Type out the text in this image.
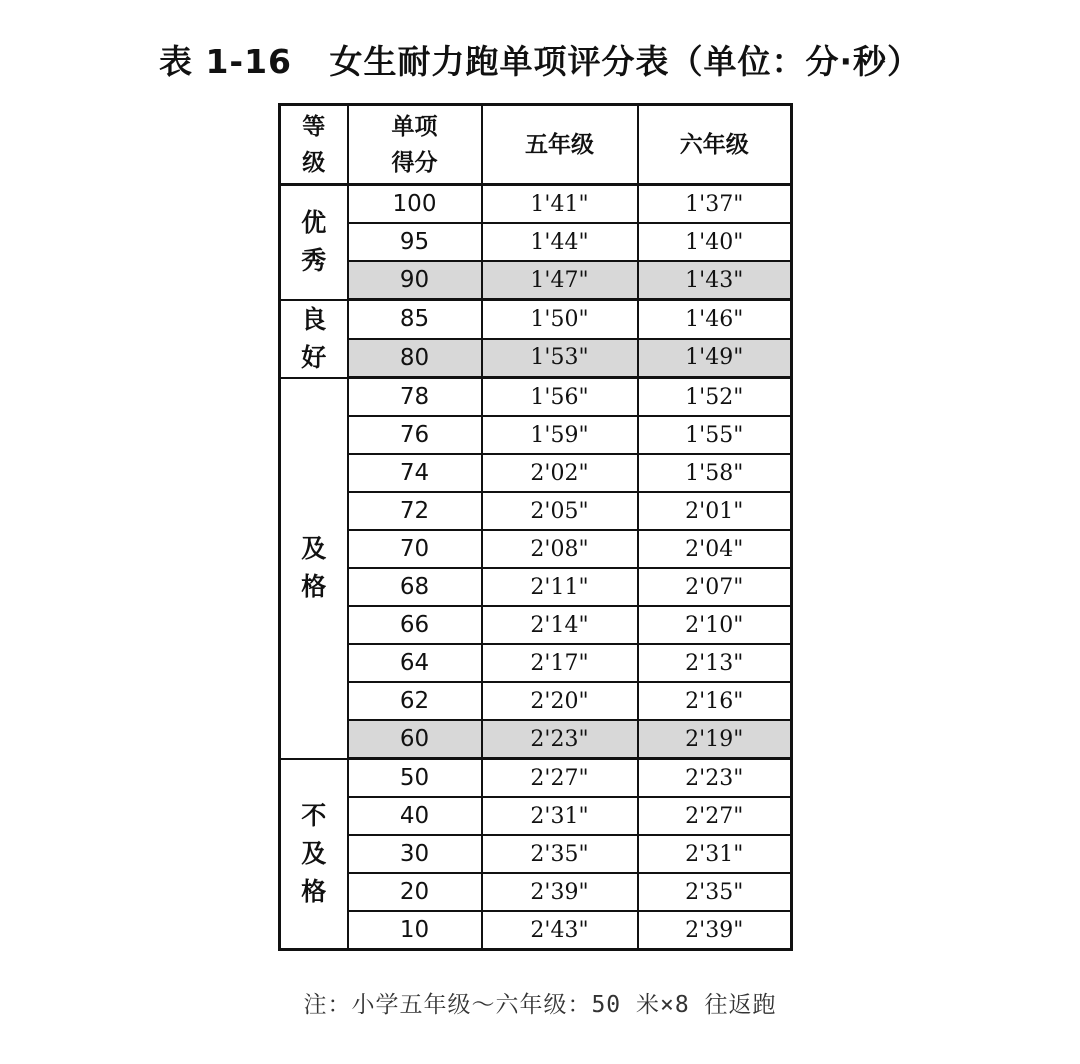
表 1-16   女生耐力跑单项评分表（单位：分·秒）
等
级	单项
得分	五年级	六年级
优
秀	100	1'41"	1'37"
	95	1'44"	1'40"
	90	1'47"	1'43"
良
好	85	1'50"	1'46"
	80	1'53"	1'49"
及
格	78	1'56"	1'52"
	76	1'59"	1'55"
	74	2'02"	1'58"
	72	2'05"	2'01"
	70	2'08"	2'04"
	68	2'11"	2'07"
	66	2'14"	2'10"
	64	2'17"	2'13"
	62	2'20"	2'16"
	60	2'23"	2'19"
不
及
格	50	2'27"	2'23"
	40	2'31"	2'27"
	30	2'35"	2'31"
	20	2'39"	2'35"
	10	2'43"	2'39"
注：小学五年级～六年级：50 米×8 往返跑
